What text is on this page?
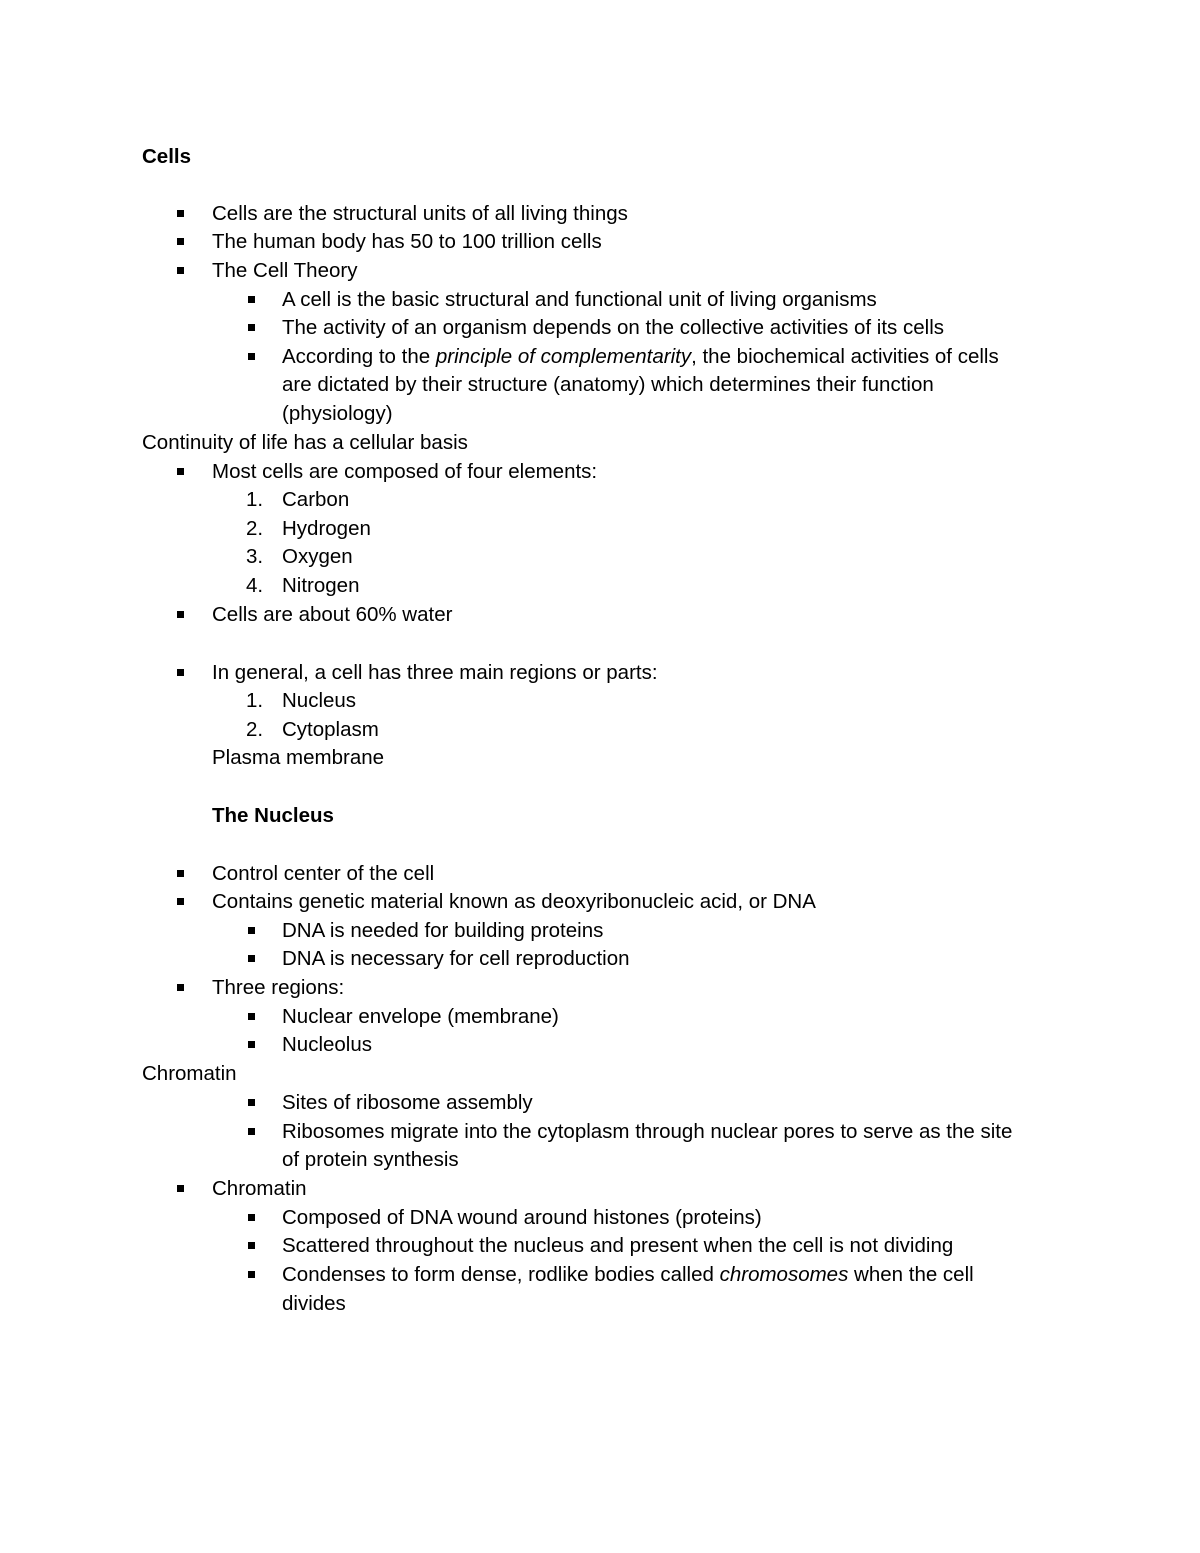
Cells
Cells are the structural units of all living things
The human body has 50 to 100 trillion cells
The Cell Theory
A cell is the basic structural and functional unit of living organisms
The activity of an organism depends on the collective activities of its cells
According to the principle of complementarity, the biochemical activities of cells
are dictated by their structure (anatomy) which determines their function
(physiology)
Continuity of life has a cellular basis
Most cells are composed of four elements:
1. Carbon
2. Hydrogen
3. Oxygen
4. Nitrogen
Cells are about 60% water
In general, a cell has three main regions or parts:
1. Nucleus
2. Cytoplasm
Plasma membrane
The Nucleus
Control center of the cell
Contains genetic material known as deoxyribonucleic acid, or DNA
DNA is needed for building proteins
DNA is necessary for cell reproduction
Three regions:
Nuclear envelope (membrane)
Nucleolus
Chromatin
Sites of ribosome assembly
Ribosomes migrate into the cytoplasm through nuclear pores to serve as the site
of protein synthesis
Chromatin
Composed of DNA wound around histones (proteins)
Scattered throughout the nucleus and present when the cell is not dividing
Condenses to form dense, rodlike bodies called chromosomes when the cell
divides
